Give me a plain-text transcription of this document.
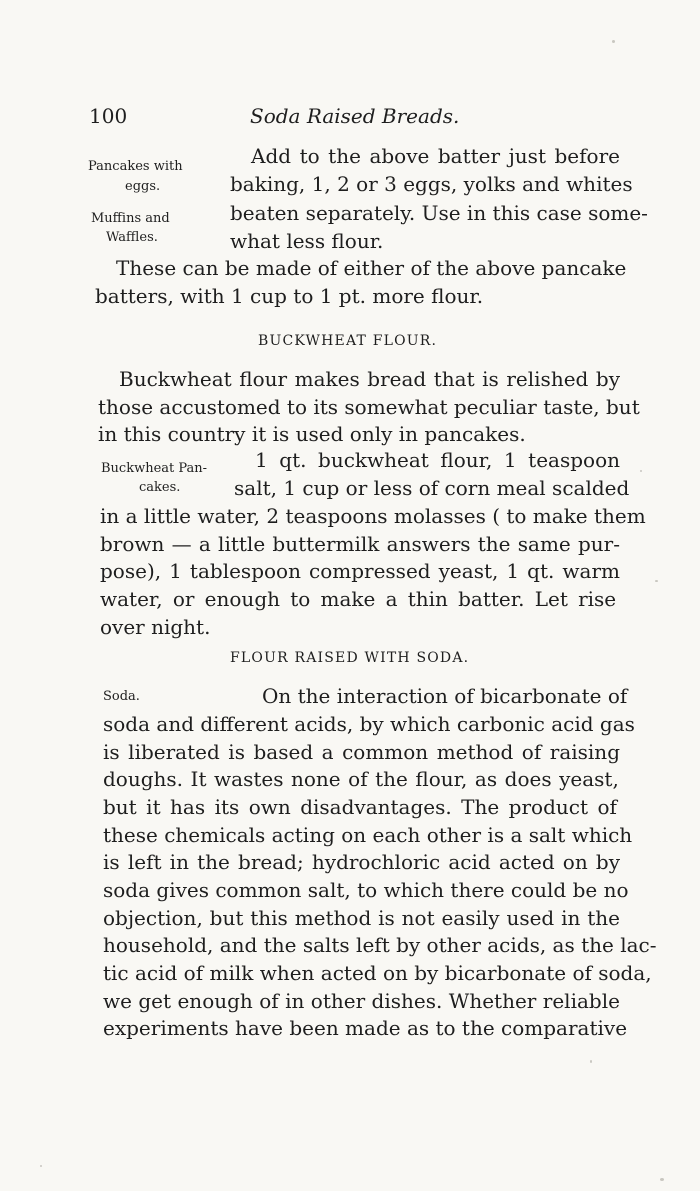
100	Soda Raised Breads.
Pancakes with
eggs.
Muffins and
Waffles.
Buckwheat Pan-
cakes.
Soda.
Add to the above batter just before
baking, 1, 2 or 3 eggs, yolks and whites
beaten separately. Use in this case some-
what less flour.
These can be made of either of the above pancake
batters, with 1 cup to 1 pt. more flour.
BUCKWHEAT FLOUR.
Buckwheat flour makes bread that is relished by
those accustomed to its somewhat peculiar taste, but
in this country it is used only in pancakes.
1 qt. buckwheat flour, 1 teaspoon
salt, 1 cup or less of corn meal scalded
in a little water, 2 teaspoons molasses ( to make them
brown — a little buttermilk answers the same pur-
pose), 1 tablespoon compressed yeast, 1 qt. warm
water, or enough to make a thin batter. Let rise
over night.
FLOUR RAISED WITH SODA.
On the interaction of bicarbonate of
soda and different acids, by which carbonic acid gas
is liberated is based a common method of raising
doughs. It wastes none of the flour, as does yeast,
but it has its own disadvantages. The product of
these chemicals acting on each other is a salt which
is left in the bread; hydrochloric acid acted on by
soda gives common salt, to which there could be no
objection, but this method is not easily used in the
household, and the salts left by other acids, as the lac-
tic acid of milk when acted on by bicarbonate of soda,
we get enough of in other dishes. Whether reliable
experiments have been made as to the comparative
